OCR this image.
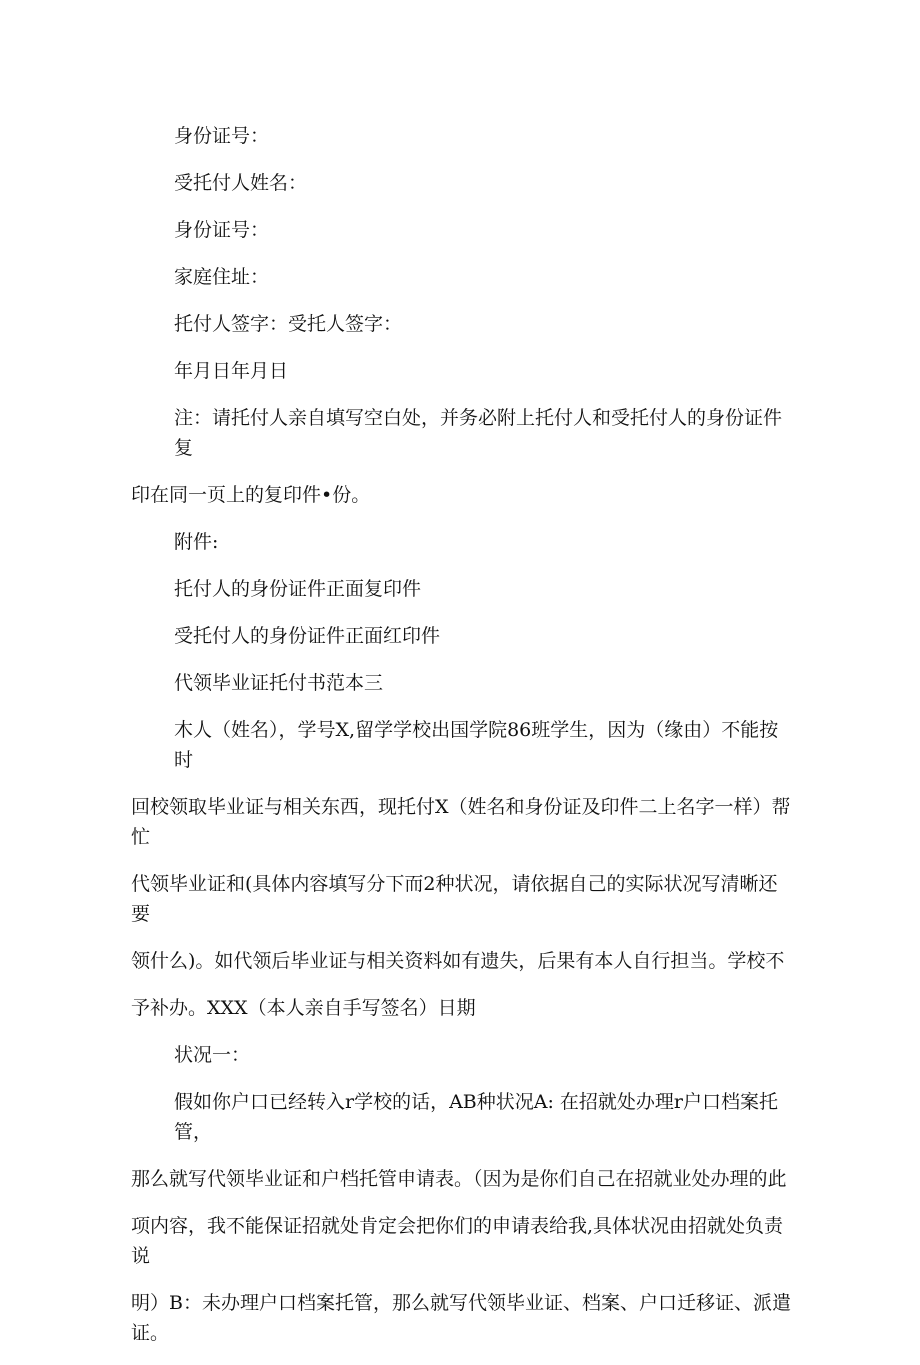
身份证号：

受托付人姓名：

身份证号：

家庭住址：

托付人签字：受托人签字：

年月日年月日

注：请托付人亲自填写空白处，并务必附上托付人和受托付人的身份证件复

印在同一页上的复印件•份。

附件:

托付人的身份证件正面复印件

受托付人的身份证件正面红印件

代领毕业证托付书范本三

木人（姓名），学号X,留学学校出国学院86班学生，因为（缘由）不能按时

回校领取毕业证与相关东西，现托付X（姓名和身份证及印件二上名字一样）帮忙

代领毕业证和(具体内容填写分下而2种状况，请依据自己的实际状况写清晰还要

领什么)。如代领后毕业证与相关资料如有遗失，后果有本人自行担当。学校不

予补办。XXX（本人亲自手写签名）日期

状况一：

假如你户口已经转入r学校的话，AB种状况A: 在招就处办理r户口档案托管，

那么就写代领毕业证和户档托管申请表。（因为是你们自己在招就业处办理的此

项内容，我不能保证招就处肯定会把你们的申请表给我,具体状况由招就处负责说

明）B：未办理户口档案托管，那么就写代领毕业证、档案、户口迁移证、派遣证。
